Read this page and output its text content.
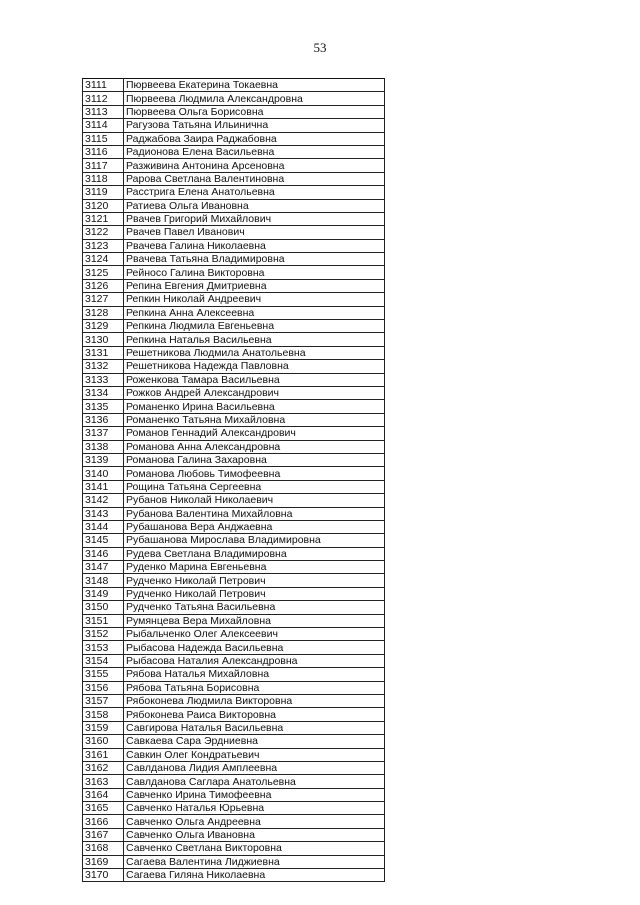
53
3111	Пюрвеева Екатерина Токаевна
3112	Пюрвеева Людмила Александровна
3113	Пюрвеева Ольга Борисовна
3114	Рагузова Татьяна Ильинична
3115	Раджабова Заира Раджабовна
3116	Радионова Елена Васильевна
3117	Разживина Антонина Арсеновна
3118	Рарова Светлана Валентиновна
3119	Расстрига Елена Анатольевна
3120	Ратиева Ольга Ивановна
3121	Рвачев Григорий Михайлович
3122	Рвачев Павел Иванович
3123	Рвачева Галина Николаевна
3124	Рвачева Татьяна Владимировна
3125	Рейносо Галина Викторовна
3126	Репина Евгения Дмитриевна
3127	Репкин Николай Андреевич
3128	Репкина Анна Алексеевна
3129	Репкина Людмила Евгеньевна
3130	Репкина Наталья Васильевна
3131	Решетникова Людмила Анатольевна
3132	Решетникова Надежда Павловна
3133	Роженкова Тамара Васильевна
3134	Рожков Андрей Александрович
3135	Романенко Ирина Васильевна
3136	Романенко Татьяна Михайловна
3137	Романов Геннадий Александрович
3138	Романова Анна Александровна
3139	Романова Галина Захаровна
3140	Романова Любовь Тимофеевна
3141	Рощина Татьяна Сергеевна
3142	Рубанов Николай Николаевич
3143	Рубанова Валентина Михайловна
3144	Рубашанова Вера Анджаевна
3145	Рубашанова Мирослава Владимировна
3146	Рудева Светлана Владимировна
3147	Руденко Марина Евгеньевна
3148	Рудченко Николай Петрович
3149	Рудченко Николай Петрович
3150	Рудченко Татьяна Васильевна
3151	Румянцева Вера Михайловна
3152	Рыбальченко Олег Алексеевич
3153	Рыбасова Надежда Васильевна
3154	Рыбасова Наталия Александровна
3155	Рябова Наталья Михайловна
3156	Рябова Татьяна Борисовна
3157	Рябоконева Людмила Викторовна
3158	Рябоконева Раиса Викторовна
3159	Савгирова Наталья Васильевна
3160	Савкаева Сара Эрдниевна
3161	Савкин Олег Кондратьевич
3162	Савлданова Лидия Амплеевна
3163	Савлданова Саглара Анатольевна
3164	Савченко Ирина Тимофеевна
3165	Савченко Наталья Юрьевна
3166	Савченко Ольга Андреевна
3167	Савченко Ольга Ивановна
3168	Савченко Светлана Викторовна
3169	Сагаева Валентина Лиджиевна
3170	Сагаева Гиляна Николаевна
